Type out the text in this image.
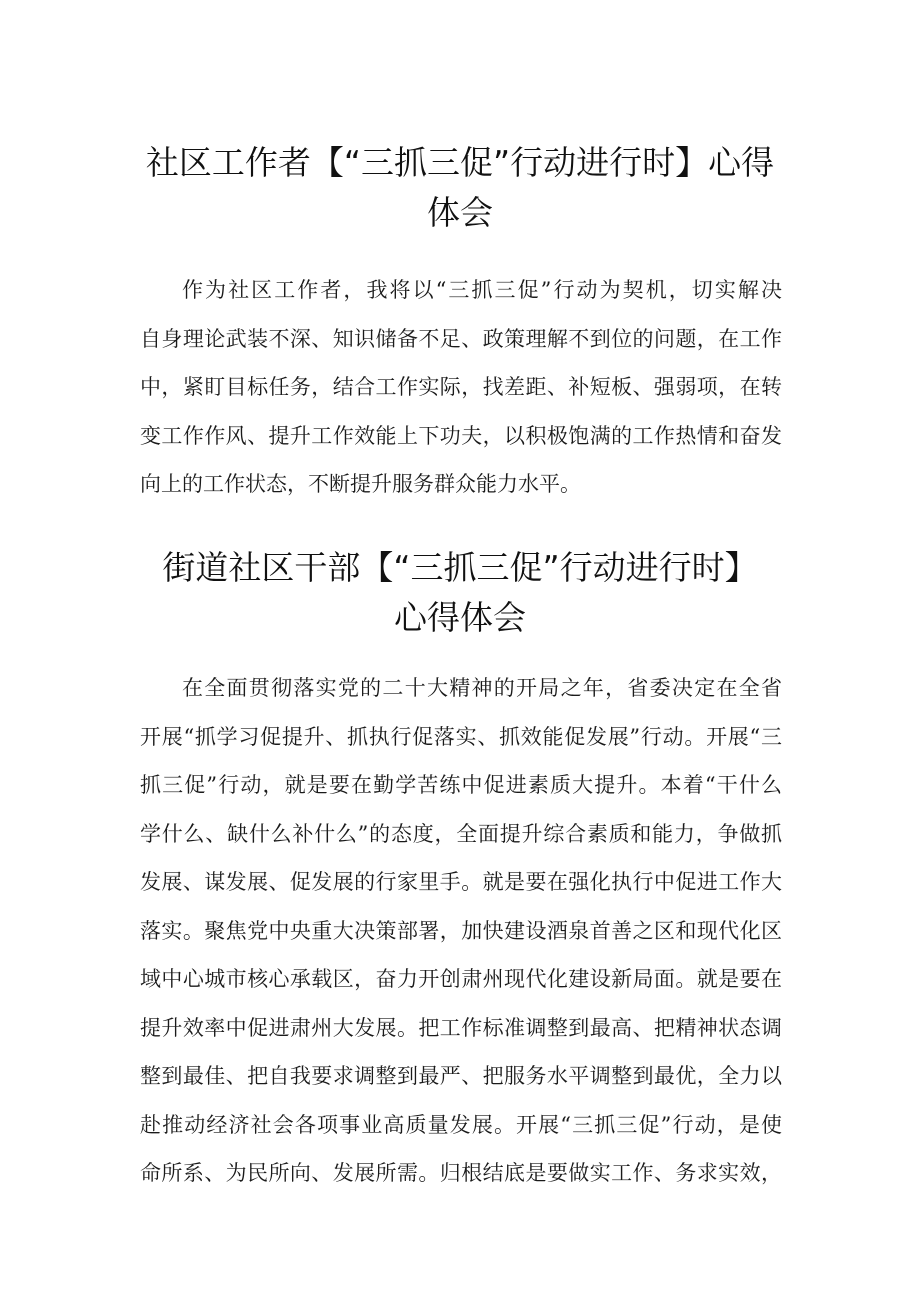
社区工作者【“三抓三促”行动进行时】心得
体会
作为社区工作者，我将以“三抓三促”行动为契机，切实解决
自身理论武装不深、知识储备不足、政策理解不到位的问题，在工作
中，紧盯目标任务，结合工作实际，找差距、补短板、强弱项，在转
变工作作风、提升工作效能上下功夫，以积极饱满的工作热情和奋发
向上的工作状态，不断提升服务群众能力水平。
街道社区干部【“三抓三促”行动进行时】
心得体会
在全面贯彻落实党的二十大精神的开局之年，省委决定在全省
开展“抓学习促提升、抓执行促落实、抓效能促发展”行动。开展“三
抓三促”行动，就是要在勤学苦练中促进素质大提升。本着“干什么
学什么、缺什么补什么”的态度，全面提升综合素质和能力，争做抓
发展、谋发展、促发展的行家里手。就是要在强化执行中促进工作大
落实。聚焦党中央重大决策部署，加快建设酒泉首善之区和现代化区
域中心城市核心承载区，奋力开创肃州现代化建设新局面。就是要在
提升效率中促进肃州大发展。把工作标准调整到最高、把精神状态调
整到最佳、把自我要求调整到最严、把服务水平调整到最优，全力以
赴推动经济社会各项事业高质量发展。开展“三抓三促”行动，是使
命所系、为民所向、发展所需。归根结底是要做实工作、务求实效，
